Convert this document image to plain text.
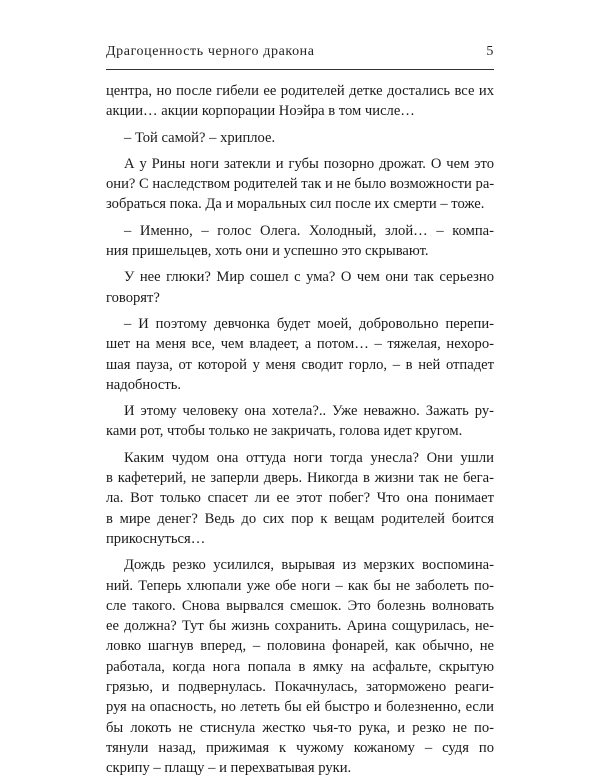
Драгоценность черного дракона	5
центра, но после гибели ее родителей детке достались все их
акции… акции корпорации Ноэйра в том числе…
– Той самой? – хриплое.
А у Рины ноги затекли и губы позорно дрожат. О чем это
они? С наследством родителей так и не было возможности ра-
зобраться пока. Да и моральных сил после их смерти – тоже.
– Именно, – голос Олега. Холодный, злой… – компа-
ния пришельцев, хоть они и успешно это скрывают.
У нее глюки? Мир сошел с ума? О чем они так серьезно
говорят?
– И поэтому девчонка будет моей, добровольно перепи-
шет на меня все, чем владеет, а потом… – тяжелая, нехоро-
шая пауза, от которой у меня сводит горло, – в ней отпадет
надобность.
И этому человеку она хотела?.. Уже неважно. Зажать ру-
ками рот, чтобы только не закричать, голова идет кругом.
Каким чудом она оттуда ноги тогда унесла? Они ушли
в кафетерий, не заперли дверь. Никогда в жизни так не бега-
ла. Вот только спасет ли ее этот побег? Что она понимает
в мире денег? Ведь до сих пор к вещам родителей боится
прикоснуться…
Дождь резко усилился, вырывая из мерзких воспомина-
ний. Теперь хлюпали уже обе ноги – как бы не заболеть по-
сле такого. Снова вырвался смешок. Это болезнь волновать
ее должна? Тут бы жизнь сохранить. Арина сощурилась, не-
ловко шагнув вперед, – половина фонарей, как обычно, не
работала, когда нога попала в ямку на асфальте, скрытую
грязью, и подвернулась. Покачнулась, заторможено реаги-
руя на опасность, но лететь бы ей быстро и болезненно, если
бы локоть не стиснула жестко чья-то рука, и резко не по-
тянули назад, прижимая к чужому кожаному – судя по
скрипу – плащу – и перехватывая руки.
